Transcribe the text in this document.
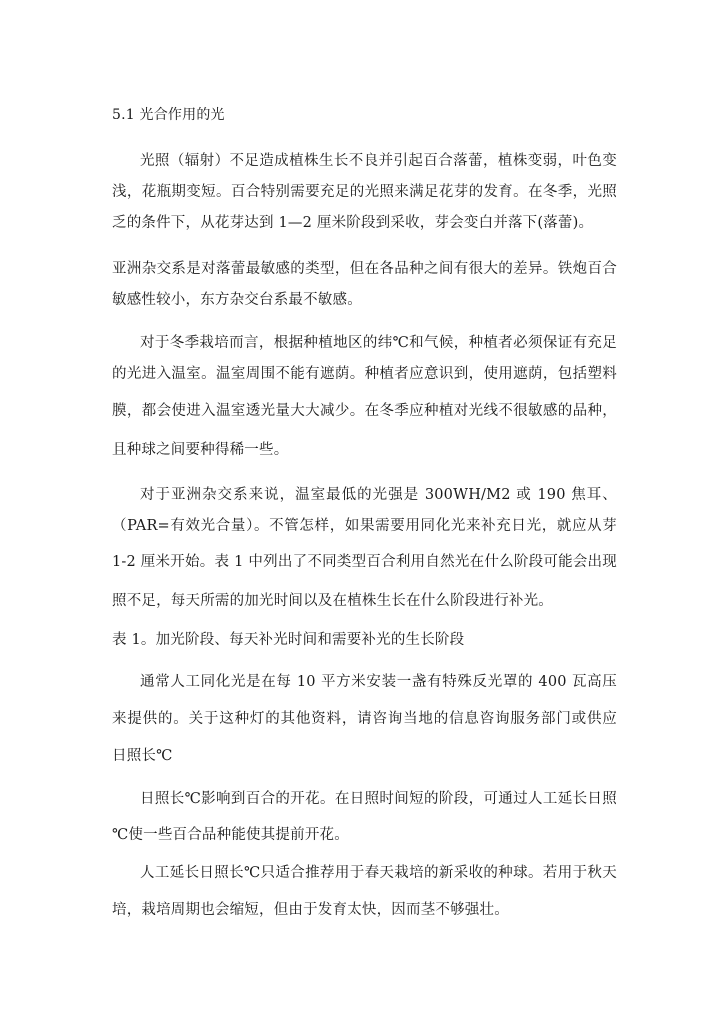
5.1 光合作用的光
光照（辐射）不足造成植株生长不良并引起百合落蕾，植株变弱，叶色变
浅，花瓶期变短。百合特别需要充足的光照来满足花芽的发育。在冬季，光照
乏的条件下，从花芽达到 1—2 厘米阶段到采收，芽会变白并落下(落蕾)。
亚洲杂交系是对落蕾最敏感的类型，但在各品种之间有很大的差异。铁炮百合
敏感性较小，东方杂交台系最不敏感。
对于冬季栽培而言，根据种植地区的纬℃和气候，种植者必须保证有充足
的光进入温室。温室周围不能有遮荫。种植者应意识到，使用遮荫，包括塑料
膜，都会使进入温室透光量大大减少。在冬季应种植对光线不很敏感的品种，
且种球之间要种得稀一些。
对于亚洲杂交系来说，温室最低的光强是 300WH/M2 或 190 焦耳、
（PAR=有效光合量）。不管怎样，如果需要用同化光来补充日光，就应从芽
1-2 厘米开始。表 1 中列出了不同类型百合利用自然光在什么阶段可能会出现
照不足，每天所需的加光时间以及在植株生长在什么阶段进行补光。
表 1。加光阶段、每天补光时间和需要补光的生长阶段
通常人工同化光是在每 10 平方米安装一盏有特殊反光罩的 400 瓦高压
来提供的。关于这种灯的其他资料，请咨询当地的信息咨询服务部门或供应
日照长℃
日照长℃影响到百合的开花。在日照时间短的阶段，可通过人工延长日照
℃使一些百合品种能使其提前开花。
人工延长日照长℃只适合推荐用于春天栽培的新采收的种球。若用于秋天
培，栽培周期也会缩短，但由于发育太快，因而茎不够强壮。
